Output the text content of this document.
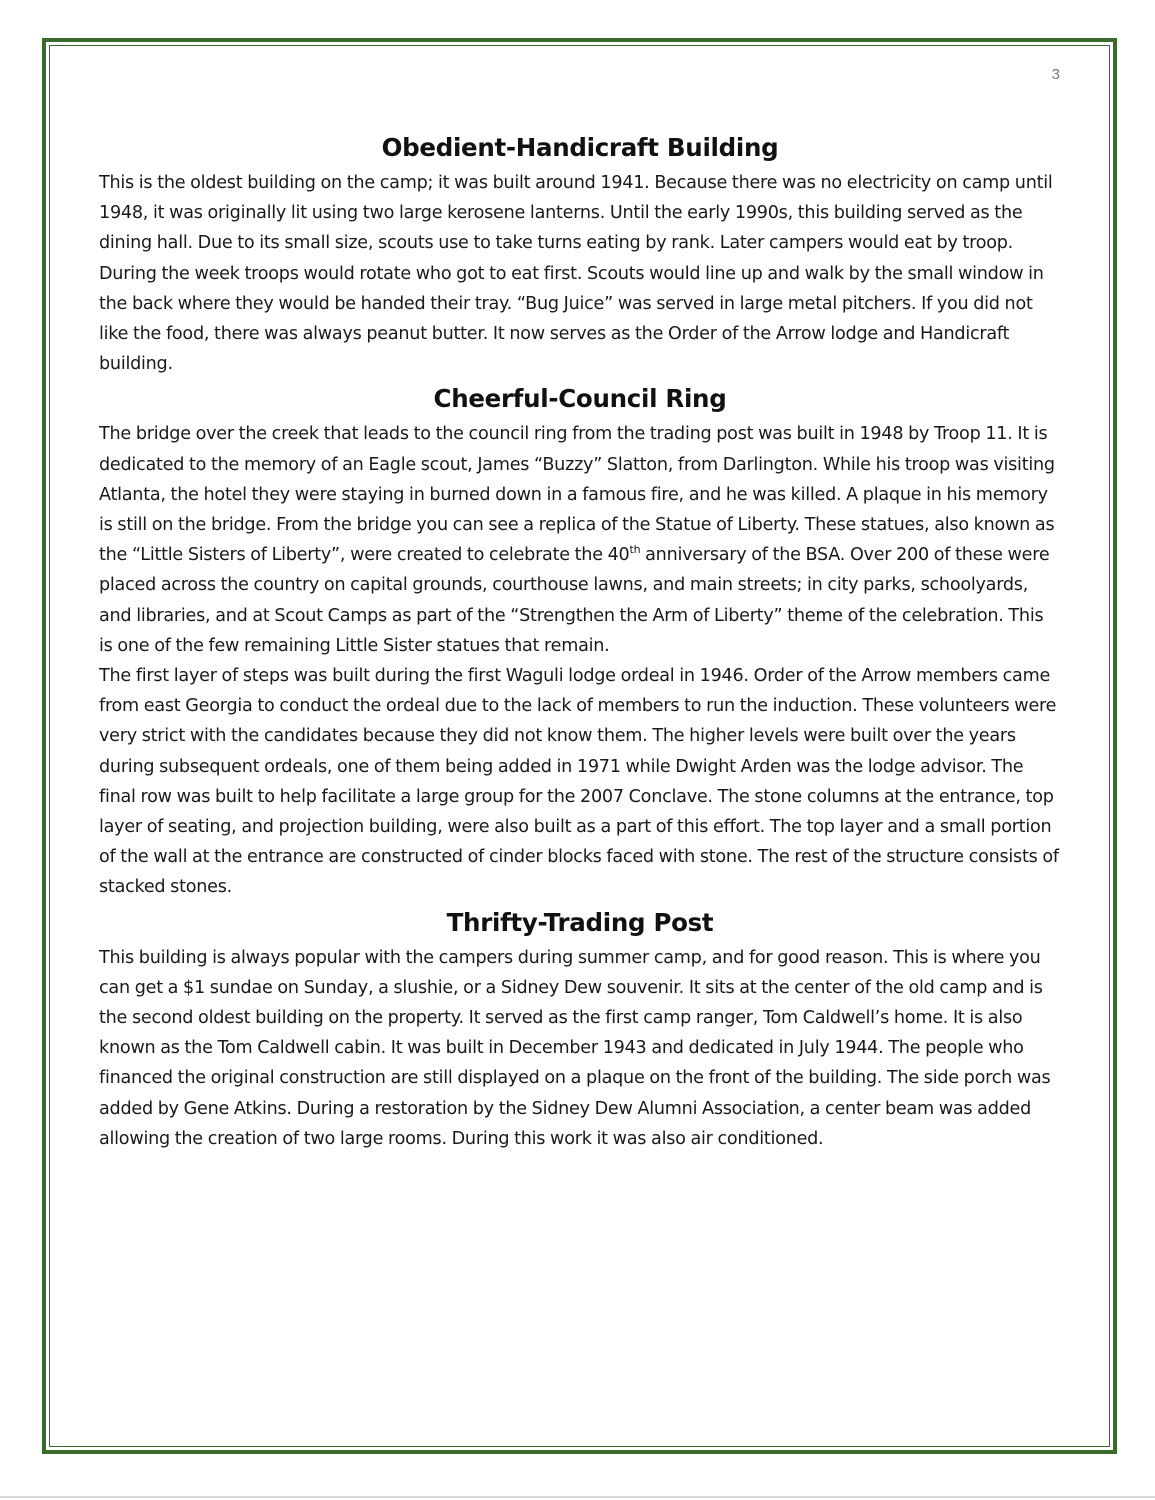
3
Obedient-Handicraft Building

This is the oldest building on the camp; it was built around 1941. Because there was no electricity on camp until 1948, it was originally lit using two large kerosene lanterns. Until the early 1990s, this building served as the dining hall. Due to its small size, scouts use to take turns eating by rank. Later campers would eat by troop. During the week troops would rotate who got to eat first. Scouts would line up and walk by the small window in the back where they would be handed their tray. “Bug Juice” was served in large metal pitchers. If you did not like the food, there was always peanut butter. It now serves as the Order of the Arrow lodge and Handicraft building.

Cheerful-Council Ring

The bridge over the creek that leads to the council ring from the trading post was built in 1948 by Troop 11. It is dedicated to the memory of an Eagle scout, James “Buzzy” Slatton, from Darlington. While his troop was visiting Atlanta, the hotel they were staying in burned down in a famous fire, and he was killed. A plaque in his memory is still on the bridge. From the bridge you can see a replica of the Statue of Liberty. These statues, also known as the “Little Sisters of Liberty”, were created to celebrate the 40th anniversary of the BSA. Over 200 of these were placed across the country on capital grounds, courthouse lawns, and main streets; in city parks, schoolyards, and libraries, and at Scout Camps as part of the “Strengthen the Arm of Liberty” theme of the celebration. This is one of the few remaining Little Sister statues that remain.

The first layer of steps was built during the first Waguli lodge ordeal in 1946. Order of the Arrow members came from east Georgia to conduct the ordeal due to the lack of members to run the induction. These volunteers were very strict with the candidates because they did not know them. The higher levels were built over the years during subsequent ordeals, one of them being added in 1971 while Dwight Arden was the lodge advisor. The final row was built to help facilitate a large group for the 2007 Conclave. The stone columns at the entrance, top layer of seating, and projection building, were also built as a part of this effort. The top layer and a small portion of the wall at the entrance are constructed of cinder blocks faced with stone. The rest of the structure consists of stacked stones.

Thrifty-Trading Post

This building is always popular with the campers during summer camp, and for good reason. This is where you can get a $1 sundae on Sunday, a slushie, or a Sidney Dew souvenir. It sits at the center of the old camp and is the second oldest building on the property. It served as the first camp ranger, Tom Caldwell’s home. It is also known as the Tom Caldwell cabin. It was built in December 1943 and dedicated in July 1944. The people who financed the original construction are still displayed on a plaque on the front of the building. The side porch was added by Gene Atkins. During a restoration by the Sidney Dew Alumni Association, a center beam was added allowing the creation of two large rooms. During this work it was also air conditioned.
